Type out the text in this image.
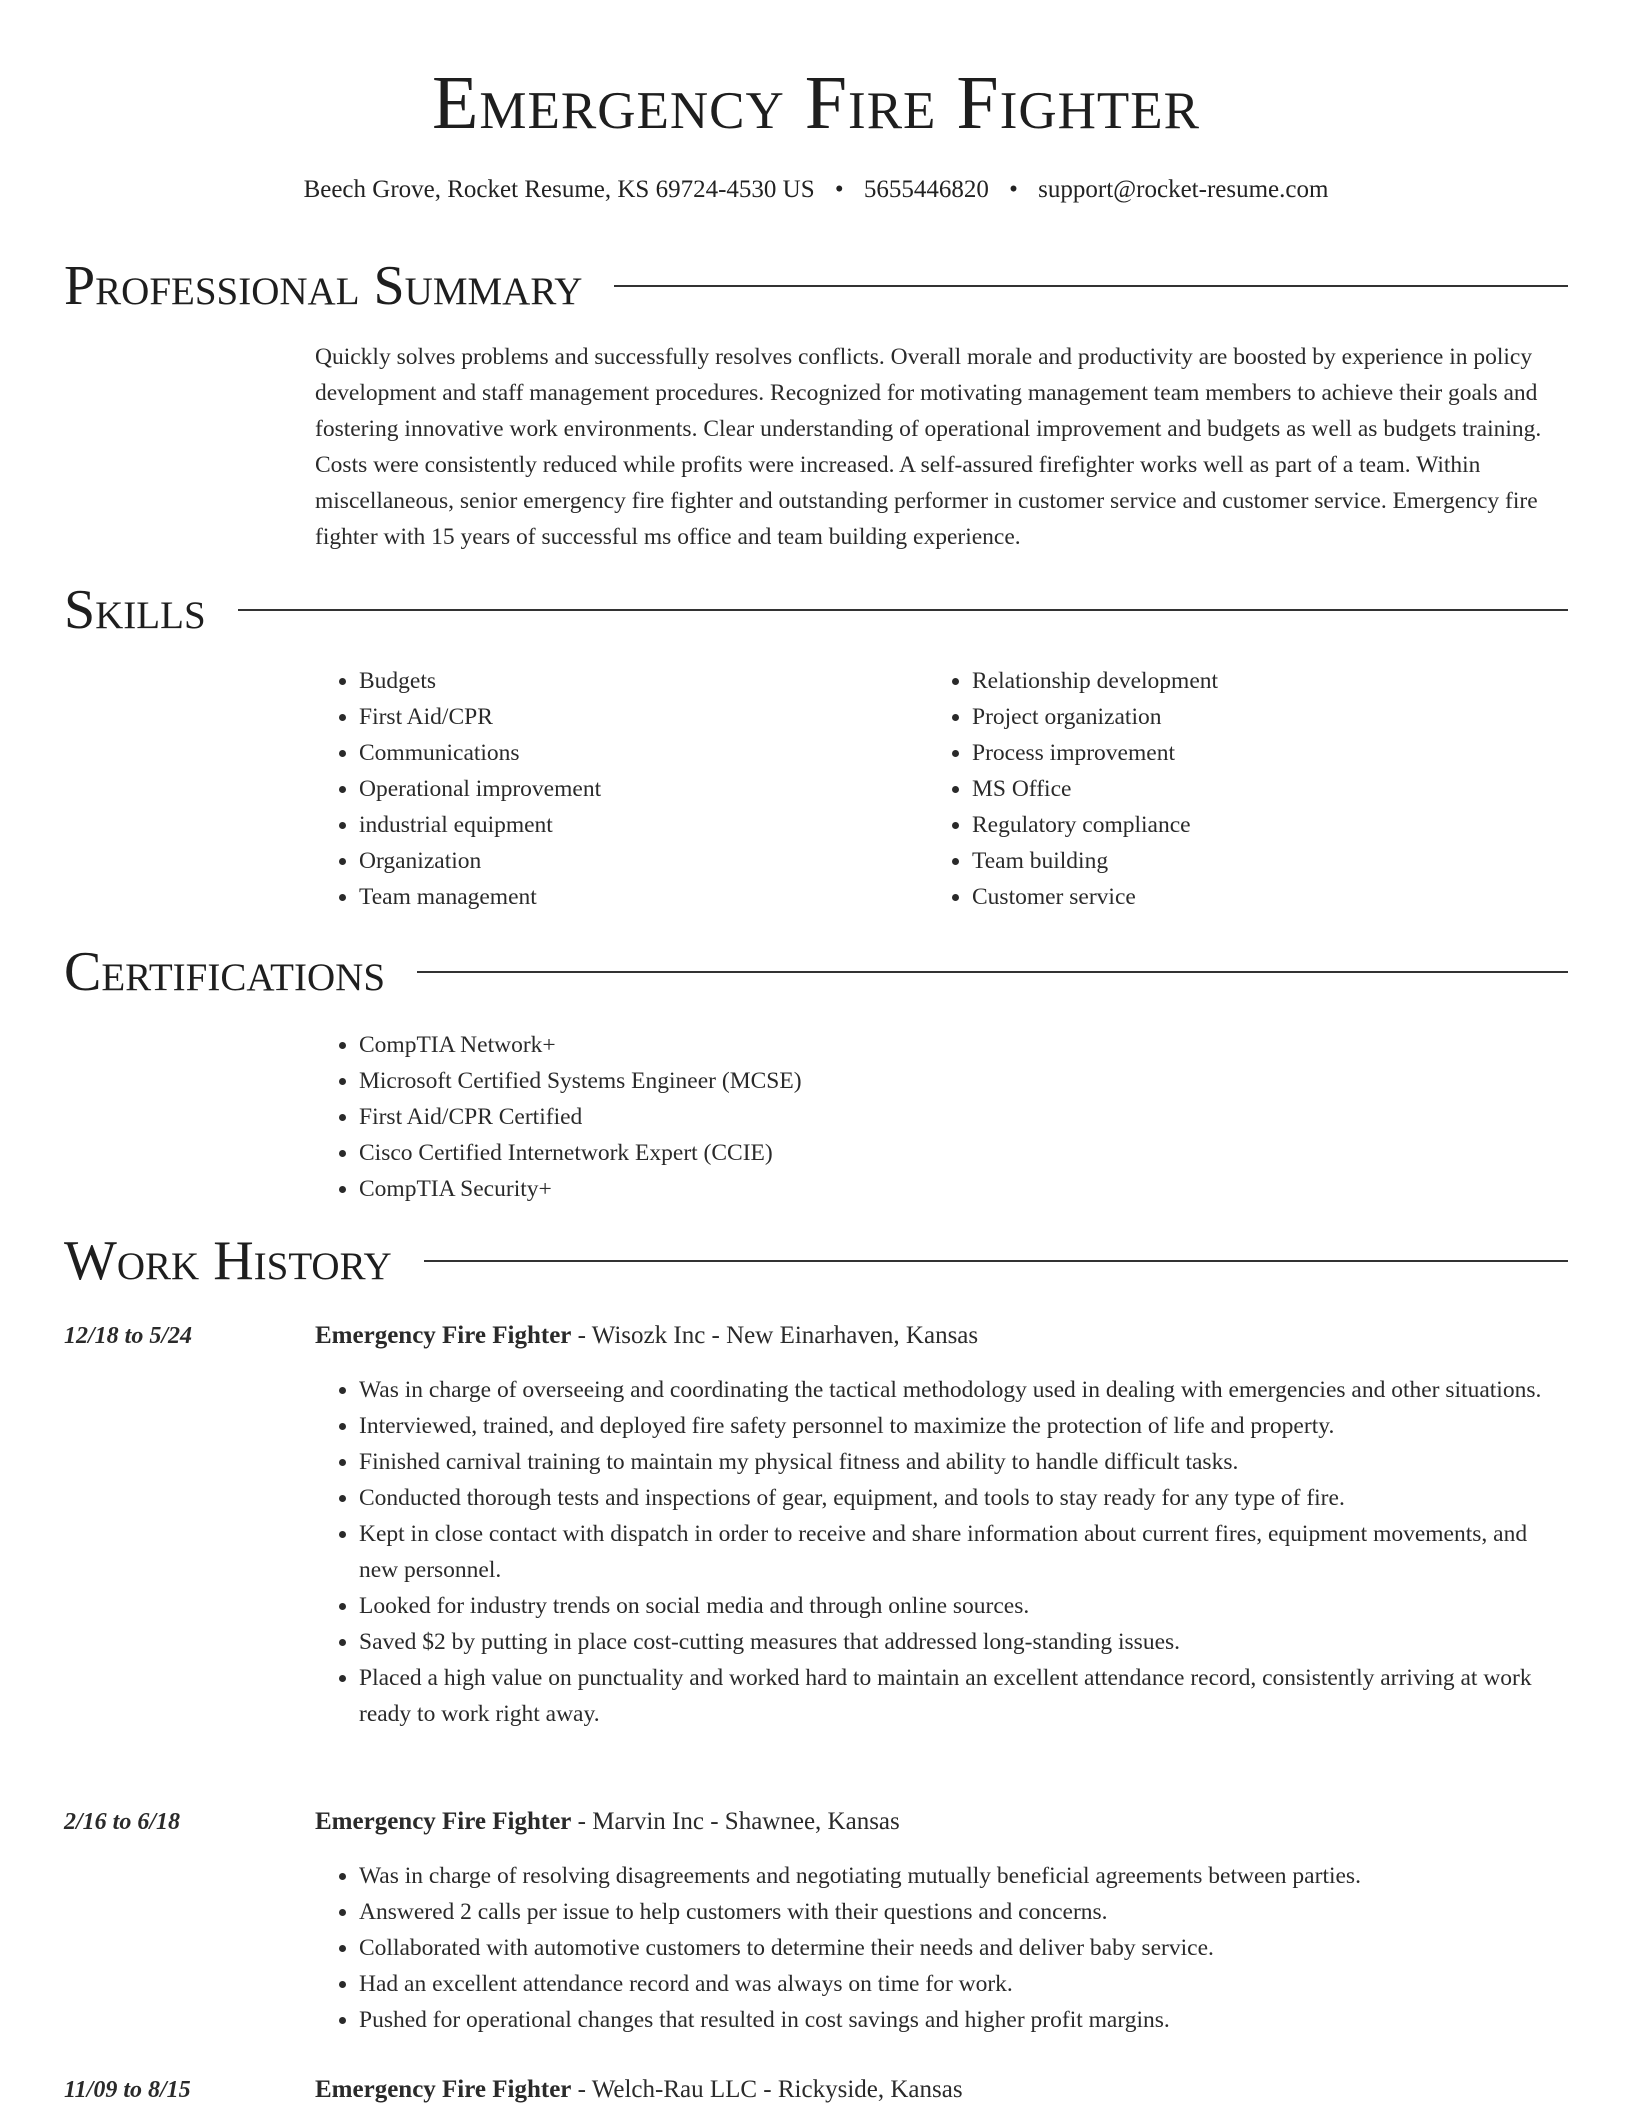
Emergency Fire Fighter
Beech Grove, Rocket Resume, KS 69724-4530 US • 5655446820 • support@rocket-resume.com
Professional Summary

Quickly solves problems and successfully resolves conflicts. Overall morale and productivity are boosted by experience in policy development and staff management procedures. Recognized for motivating management team members to achieve their goals and fostering innovative work environments. Clear understanding of operational improvement and budgets as well as budgets training. Costs were consistently reduced while profits were increased. A self-assured firefighter works well as part of a team. Within miscellaneous, senior emergency fire fighter and outstanding performer in customer service and customer service. Emergency fire fighter with 15 years of successful ms office and team building experience.

Skills
• Budgets
• First Aid/CPR
• Communications
• Operational improvement
• industrial equipment
• Organization
• Team management
• Relationship development
• Project organization
• Process improvement
• MS Office
• Regulatory compliance
• Team building
• Customer service
Certifications
• CompTIA Network+
• Microsoft Certified Systems Engineer (MCSE)
• First Aid/CPR Certified
• Cisco Certified Internetwork Expert (CCIE)
• CompTIA Security+
Work History
12/18 to 5/24	Emergency Fire Fighter - Wisozk Inc - New Einarhaven, Kansas
• Was in charge of overseeing and coordinating the tactical methodology used in dealing with emergencies and other situations.
• Interviewed, trained, and deployed fire safety personnel to maximize the protection of life and property.
• Finished carnival training to maintain my physical fitness and ability to handle difficult tasks.
• Conducted thorough tests and inspections of gear, equipment, and tools to stay ready for any type of fire.
• Kept in close contact with dispatch in order to receive and share information about current fires, equipment movements, and new personnel.
• Looked for industry trends on social media and through online sources.
• Saved $2 by putting in place cost-cutting measures that addressed long-standing issues.
• Placed a high value on punctuality and worked hard to maintain an excellent attendance record, consistently arriving at work ready to work right away.
2/16 to 6/18	Emergency Fire Fighter - Marvin Inc - Shawnee, Kansas
• Was in charge of resolving disagreements and negotiating mutually beneficial agreements between parties.
• Answered 2 calls per issue to help customers with their questions and concerns.
• Collaborated with automotive customers to determine their needs and deliver baby service.
• Had an excellent attendance record and was always on time for work.
• Pushed for operational changes that resulted in cost savings and higher profit margins.
11/09 to 8/15	Emergency Fire Fighter - Welch-Rau LLC - Rickyside, Kansas
